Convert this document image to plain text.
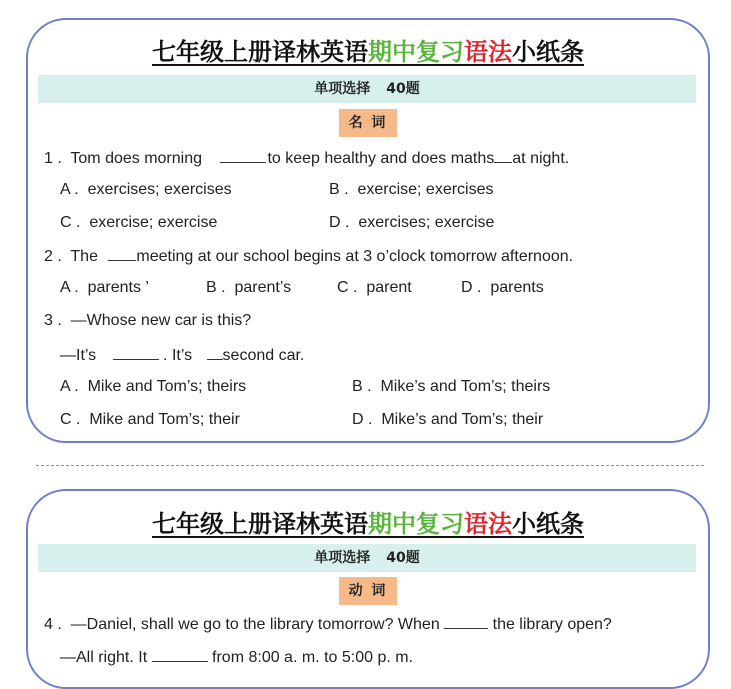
七年级上册译林英语期中复习语法小纸条
单项选择 40题
名 词
1 .  Tom does morning	to keep healthy and does maths at night.
A .  exercises; exercises	B .  exercise; exercises
C .  exercise; exercise	D .  exercises; exercise
2 .  The meeting at our school begins at 3 o’clock tomorrow afternoon.
A .  parents ’	B .  parent’s	C .  parent	D .  parents
3 .  —Whose new car is this?
—It’s	. It’s second car.
A .  Mike and Tom’s; theirs	B .  Mike’s and Tom’s; theirs
C .  Mike and Tom’s; their	D .  Mike’s and Tom’s; their
七年级上册译林英语期中复习语法小纸条
单项选择 40题
动 词
4 .  —Daniel, shall we go to the library tomorrow? When	the library open?
—All right. It	from 8:00 a. m. to 5:00 p. m.
